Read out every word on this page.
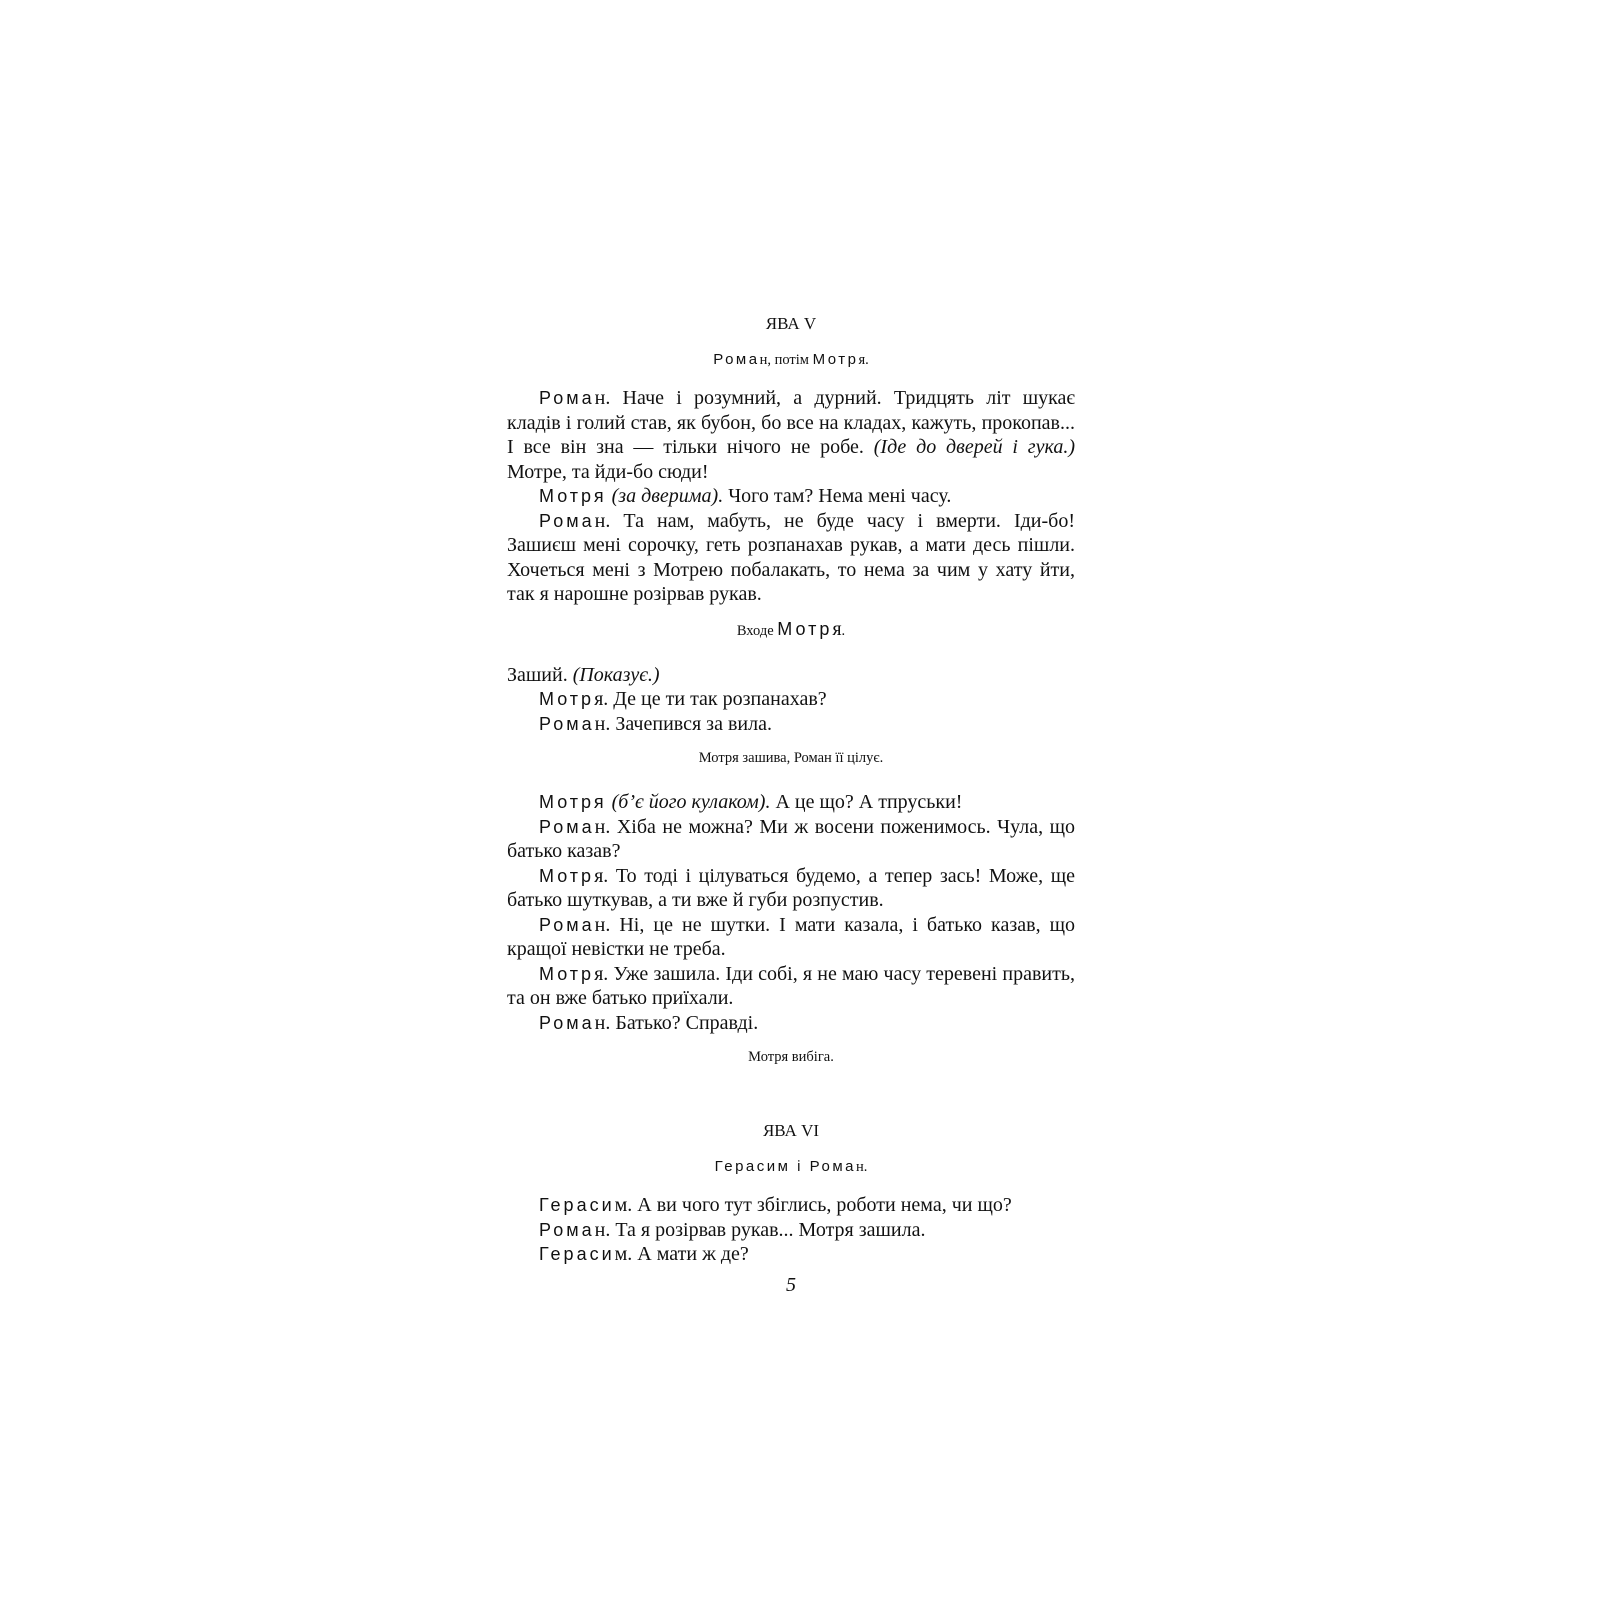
ЯВА V

Роман, потім Мотря.

Роман. Наче і розумний, а дурний. Тридцять літ шукає кладів і голий став, як бубон, бо все на кладах, кажуть, прокопав... І все він зна — тільки нічого не робе. (Іде до дверей і гука.) Мотре, та йди-бо сюди!

Мотря (за дверима). Чого там? Нема мені часу.

Роман. Та нам, мабуть, не буде часу і вмерти. Іди-бо! Зашиєш мені сорочку, геть розпанахав рукав, а мати десь пішли. Хочеться мені з Мотрею побалакать, то нема за чим у хату йти, так я нарошне розірвав рукав.

Входе Мотря.

Заший. (Показує.)

Мотря. Де це ти так розпанахав?

Роман. Зачепився за вила.

Мотря зашива, Роман її цілує.

Мотря (б’є його кулаком). А це що? А тпруськи!

Роман. Хіба не можна? Ми ж восени поженимось. Чула, що батько казав?

Мотря. То тоді і цілуваться будемо, а тепер зась! Може, ще батько шуткував, а ти вже й губи розпустив.

Роман. Ні, це не шутки. І мати казала, і батько казав, що кращої невістки не треба.

Мотря. Уже зашила. Іди собі, я не маю часу теревені править, та он вже батько приїхали.

Роман. Батько? Справді.

Мотря вибіга.

ЯВА VI

Герасим і Роман.

Герасим. А ви чого тут збіглись, роботи нема, чи що?

Роман. Та я розірвав рукав... Мотря зашила.

Герасим. А мати ж де?

5
